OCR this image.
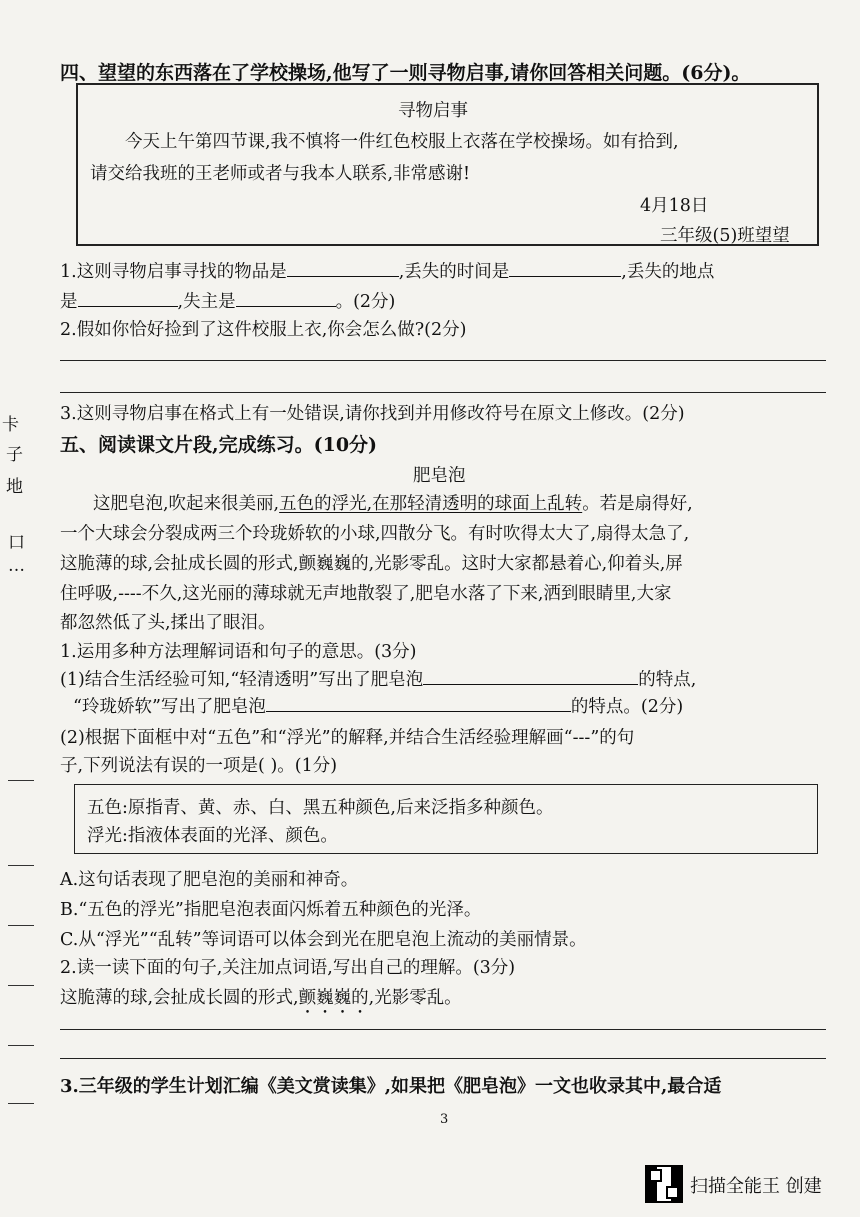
四、望望的东西落在了学校操场,他写了一则寻物启事,请你回答相关问题。(6分)。
寻物启事
今天上午第四节课,我不慎将一件红色校服上衣落在学校操场。如有拾到,
请交给我班的王老师或者与我本人联系,非常感谢!
4月18日
三年级(5)班望望
1.这则寻物启事寻找的物品是	,丢失的时间是	,丢失的地点
是	,失主是	。(2分)
2.假如你恰好捡到了这件校服上衣,你会怎么做?(2分)
3.这则寻物启事在格式上有一处错误,请你找到并用修改符号在原文上修改。(2分)
五、阅读课文片段,完成练习。(10分)
肥皂泡
这肥皂泡,吹起来很美丽,五色的浮光,在那轻清透明的球面上乱转。若是扇得好,
一个大球会分裂成两三个玲珑娇软的小球,四散分飞。有时吹得太大了,扇得太急了,
这脆薄的球,会扯成长圆的形式,颤巍巍的,光影零乱。这时大家都悬着心,仰着头,屏
住呼吸,----不久,这光丽的薄球就无声地散裂了,肥皂水落了下来,洒到眼睛里,大家
都忽然低了头,揉出了眼泪。
1.运用多种方法理解词语和句子的意思。(3分)
(1)结合生活经验可知,“轻清透明”写出了肥皂泡	的特点,
“玲珑娇软”写出了肥皂泡	的特点。(2分)
(2)根据下面框中对“五色”和“浮光”的解释,并结合生活经验理解画“---”的句
子,下列说法有误的一项是( )。(1分)
五色:原指青、黄、赤、白、黑五种颜色,后来泛指多种颜色。
浮光:指液体表面的光泽、颜色。
A.这句话表现了肥皂泡的美丽和神奇。
B.“五色的浮光”指肥皂泡表面闪烁着五种颜色的光泽。
C.从“浮光”“乱转”等词语可以体会到光在肥皂泡上流动的美丽情景。
2.读一读下面的句子,关注加点词语,写出自己的理解。(3分)
这脆薄的球,会扯成长圆的形式,颤巍巍的,光影零乱。
3.三年级的学生计划汇编《美文赏读集》,如果把《肥皂泡》一文也收录其中,最合适
3
卡
子
地
口
…
扫描全能王 创建
